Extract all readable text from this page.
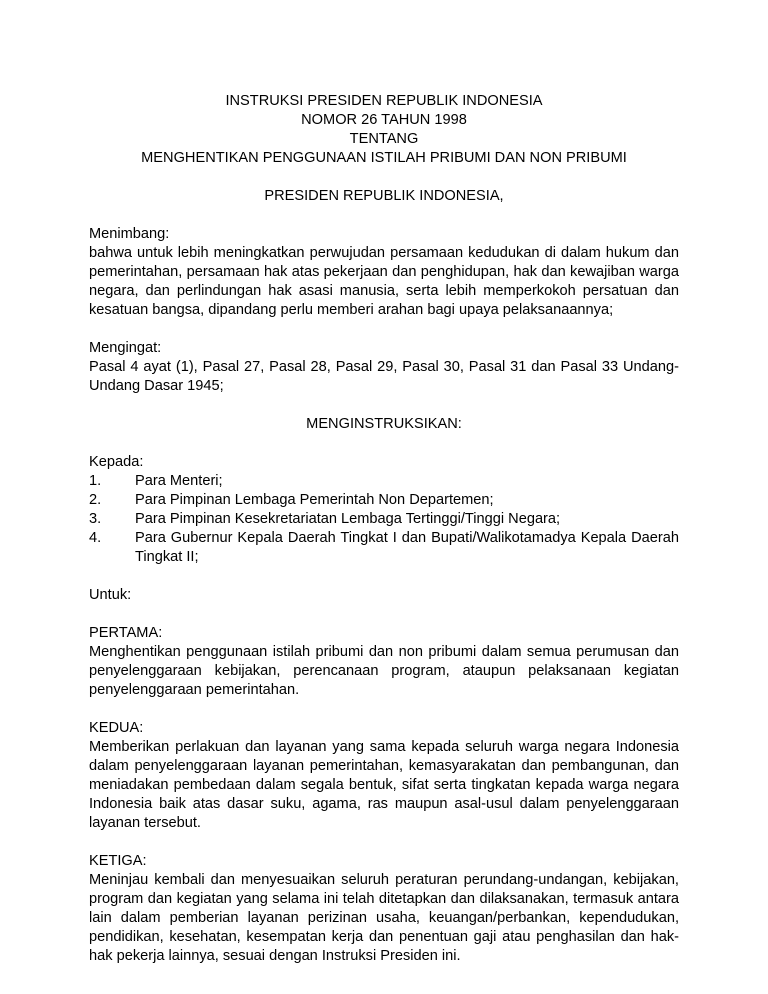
INSTRUKSI PRESIDEN REPUBLIK INDONESIA
NOMOR 26 TAHUN 1998
TENTANG
MENGHENTIKAN PENGGUNAAN ISTILAH PRIBUMI DAN NON PRIBUMI
PRESIDEN REPUBLIK INDONESIA,
Menimbang:
bahwa untuk lebih meningkatkan perwujudan persamaan kedudukan di dalam hukum dan pemerintahan, persamaan hak atas pekerjaan dan penghidupan, hak dan kewajiban warga negara, dan perlindungan hak asasi manusia, serta lebih memperkokoh persatuan dan kesatuan bangsa, dipandang perlu memberi arahan bagi upaya pelaksanaannya;
Mengingat:
Pasal 4 ayat (1), Pasal 27, Pasal 28, Pasal 29, Pasal 30, Pasal 31 dan Pasal 33 Undang-Undang Dasar 1945;
MENGINSTRUKSIKAN:
Kepada:
1. Para Menteri;
2. Para Pimpinan Lembaga Pemerintah Non Departemen;
3. Para Pimpinan Kesekretariatan Lembaga Tertinggi/Tinggi Negara;
4. Para Gubernur Kepala Daerah Tingkat I dan Bupati/Walikotamadya Kepala Daerah Tingkat II;
Untuk:
PERTAMA:
Menghentikan penggunaan istilah pribumi dan non pribumi dalam semua perumusan dan penyelenggaraan kebijakan, perencanaan program, ataupun pelaksanaan kegiatan penyelenggaraan pemerintahan.
KEDUA:
Memberikan perlakuan dan layanan yang sama kepada seluruh warga negara Indonesia dalam penyelenggaraan layanan pemerintahan, kemasyarakatan dan pembangunan, dan meniadakan pembedaan dalam segala bentuk, sifat serta tingkatan kepada warga negara Indonesia baik atas dasar suku, agama, ras maupun asal-usul dalam penyelenggaraan layanan tersebut.
KETIGA:
Meninjau kembali dan menyesuaikan seluruh peraturan perundang-undangan, kebijakan, program dan kegiatan yang selama ini telah ditetapkan dan dilaksanakan, termasuk antara lain dalam pemberian layanan perizinan usaha, keuangan/perbankan, kependudukan, pendidikan, kesehatan, kesempatan kerja dan penentuan gaji atau penghasilan dan hak-hak pekerja lainnya, sesuai dengan Instruksi Presiden ini.
